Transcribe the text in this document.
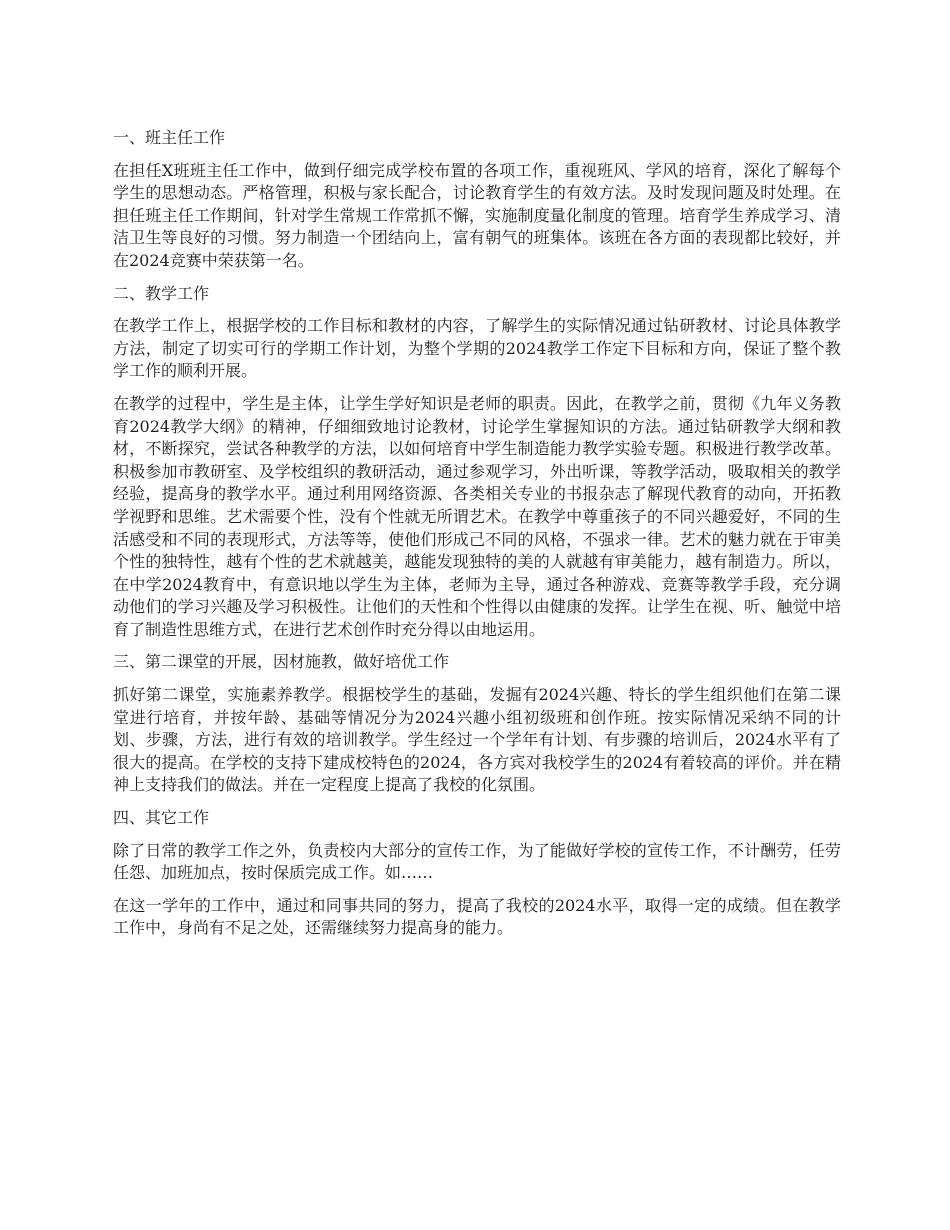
一、班主任工作

在担任X班班主任工作中，做到仔细完成学校布置的各项工作，重视班风、学风的培育，深化了解每个学生的思想动态。严格管理，积极与家长配合，讨论教育学生的有效方法。及时发现问题及时处理。在担任班主任工作期间，针对学生常规工作常抓不懈，实施制度量化制度的管理。培育学生养成学习、清洁卫生等良好的习惯。努力制造一个团结向上，富有朝气的班集体。该班在各方面的表现都比较好，并在2024竞赛中荣获第一名。

二、教学工作

在教学工作上，根据学校的工作目标和教材的内容，了解学生的实际情况通过钻研教材、讨论具体教学方法，制定了切实可行的学期工作计划，为整个学期的2024教学工作定下目标和方向，保证了整个教学工作的顺利开展。

在教学的过程中，学生是主体，让学生学好知识是老师的职责。因此，在教学之前，贯彻《九年义务教育2024教学大纲》的精神，仔细细致地讨论教材，讨论学生掌握知识的方法。通过钻研教学大纲和教材，不断探究，尝试各种教学的方法，以如何培育中学生制造能力教学实验专题。积极进行教学改革。积极参加市教研室、及学校组织的教研活动，通过参观学习，外出听课，等教学活动，吸取相关的教学经验，提高身的教学水平。通过利用网络资源、各类相关专业的书报杂志了解现代教育的动向，开拓教学视野和思维。艺术需要个性，没有个性就无所谓艺术。在教学中尊重孩子的不同兴趣爱好，不同的生活感受和不同的表现形式，方法等等，使他们形成己不同的风格，不强求一律。艺术的魅力就在于审美个性的独特性，越有个性的艺术就越美，越能发现独特的美的人就越有审美能力，越有制造力。所以，在中学2024教育中，有意识地以学生为主体，老师为主导，通过各种游戏、竞赛等教学手段，充分调动他们的学习兴趣及学习积极性。让他们的天性和个性得以由健康的发挥。让学生在视、听、触觉中培育了制造性思维方式，在进行艺术创作时充分得以由地运用。

三、第二课堂的开展，因材施教，做好培优工作

抓好第二课堂，实施素养教学。根据校学生的基础，发掘有2024兴趣、特长的学生组织他们在第二课堂进行培育，并按年龄、基础等情况分为2024兴趣小组初级班和创作班。按实际情况采纳不同的计划、步骤，方法，进行有效的培训教学。学生经过一个学年有计划、有步骤的培训后，2024水平有了很大的提高。在学校的支持下建成校特色的2024，各方宾对我校学生的2024有着较高的评价。并在精神上支持我们的做法。并在一定程度上提高了我校的化氛围。

四、其它工作

除了日常的教学工作之外，负责校内大部分的宣传工作，为了能做好学校的宣传工作，不计酬劳，任劳任怨、加班加点，按时保质完成工作。如……

在这一学年的工作中，通过和同事共同的努力，提高了我校的2024水平，取得一定的成绩。但在教学工作中，身尚有不足之处，还需继续努力提高身的能力。
